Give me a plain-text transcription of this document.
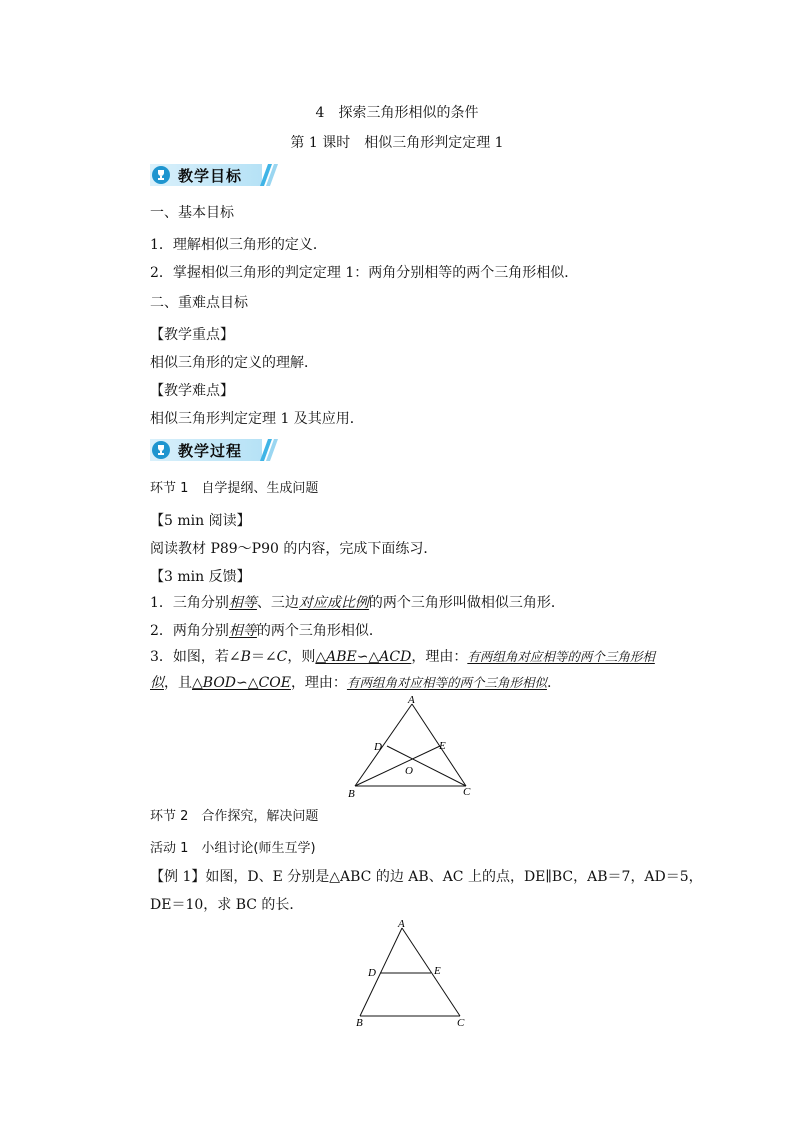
4　探索三角形相似的条件
第 1 课时　相似三角形判定定理 1
教学目标
一、基本目标
1．理解相似三角形的定义．
2．掌握相似三角形的判定定理 1：两角分别相等的两个三角形相似．
二、重难点目标
【教学重点】
相似三角形的定义的理解．
【教学难点】
相似三角形判定定理 1 及其应用．
教学过程
环节 1　自学提纲、生成问题
【5 min 阅读】
阅读教材 P89～P90 的内容，完成下面练习．
【3 min 反馈】
1．三角分别相等、三边对应成比例的两个三角形叫做相似三角形．
2．两角分别相等的两个三角形相似．
3．如图，若∠B＝∠C，则△ABE∽△ACD，理由：有两组角对应相等的两个三角形相
似，且△BOD∽△COE，理由：有两组角对应相等的两个三角形相似.
A
D	E
O
B	C
环节 2　合作探究，解决问题
活动 1　小组讨论(师生互学)
【例 1】如图，D、E 分别是△ABC 的边 AB、AC 上的点，DE∥BC，AB＝7，AD＝5，
DE＝10，求 BC 的长．
A
D	E
B	C
